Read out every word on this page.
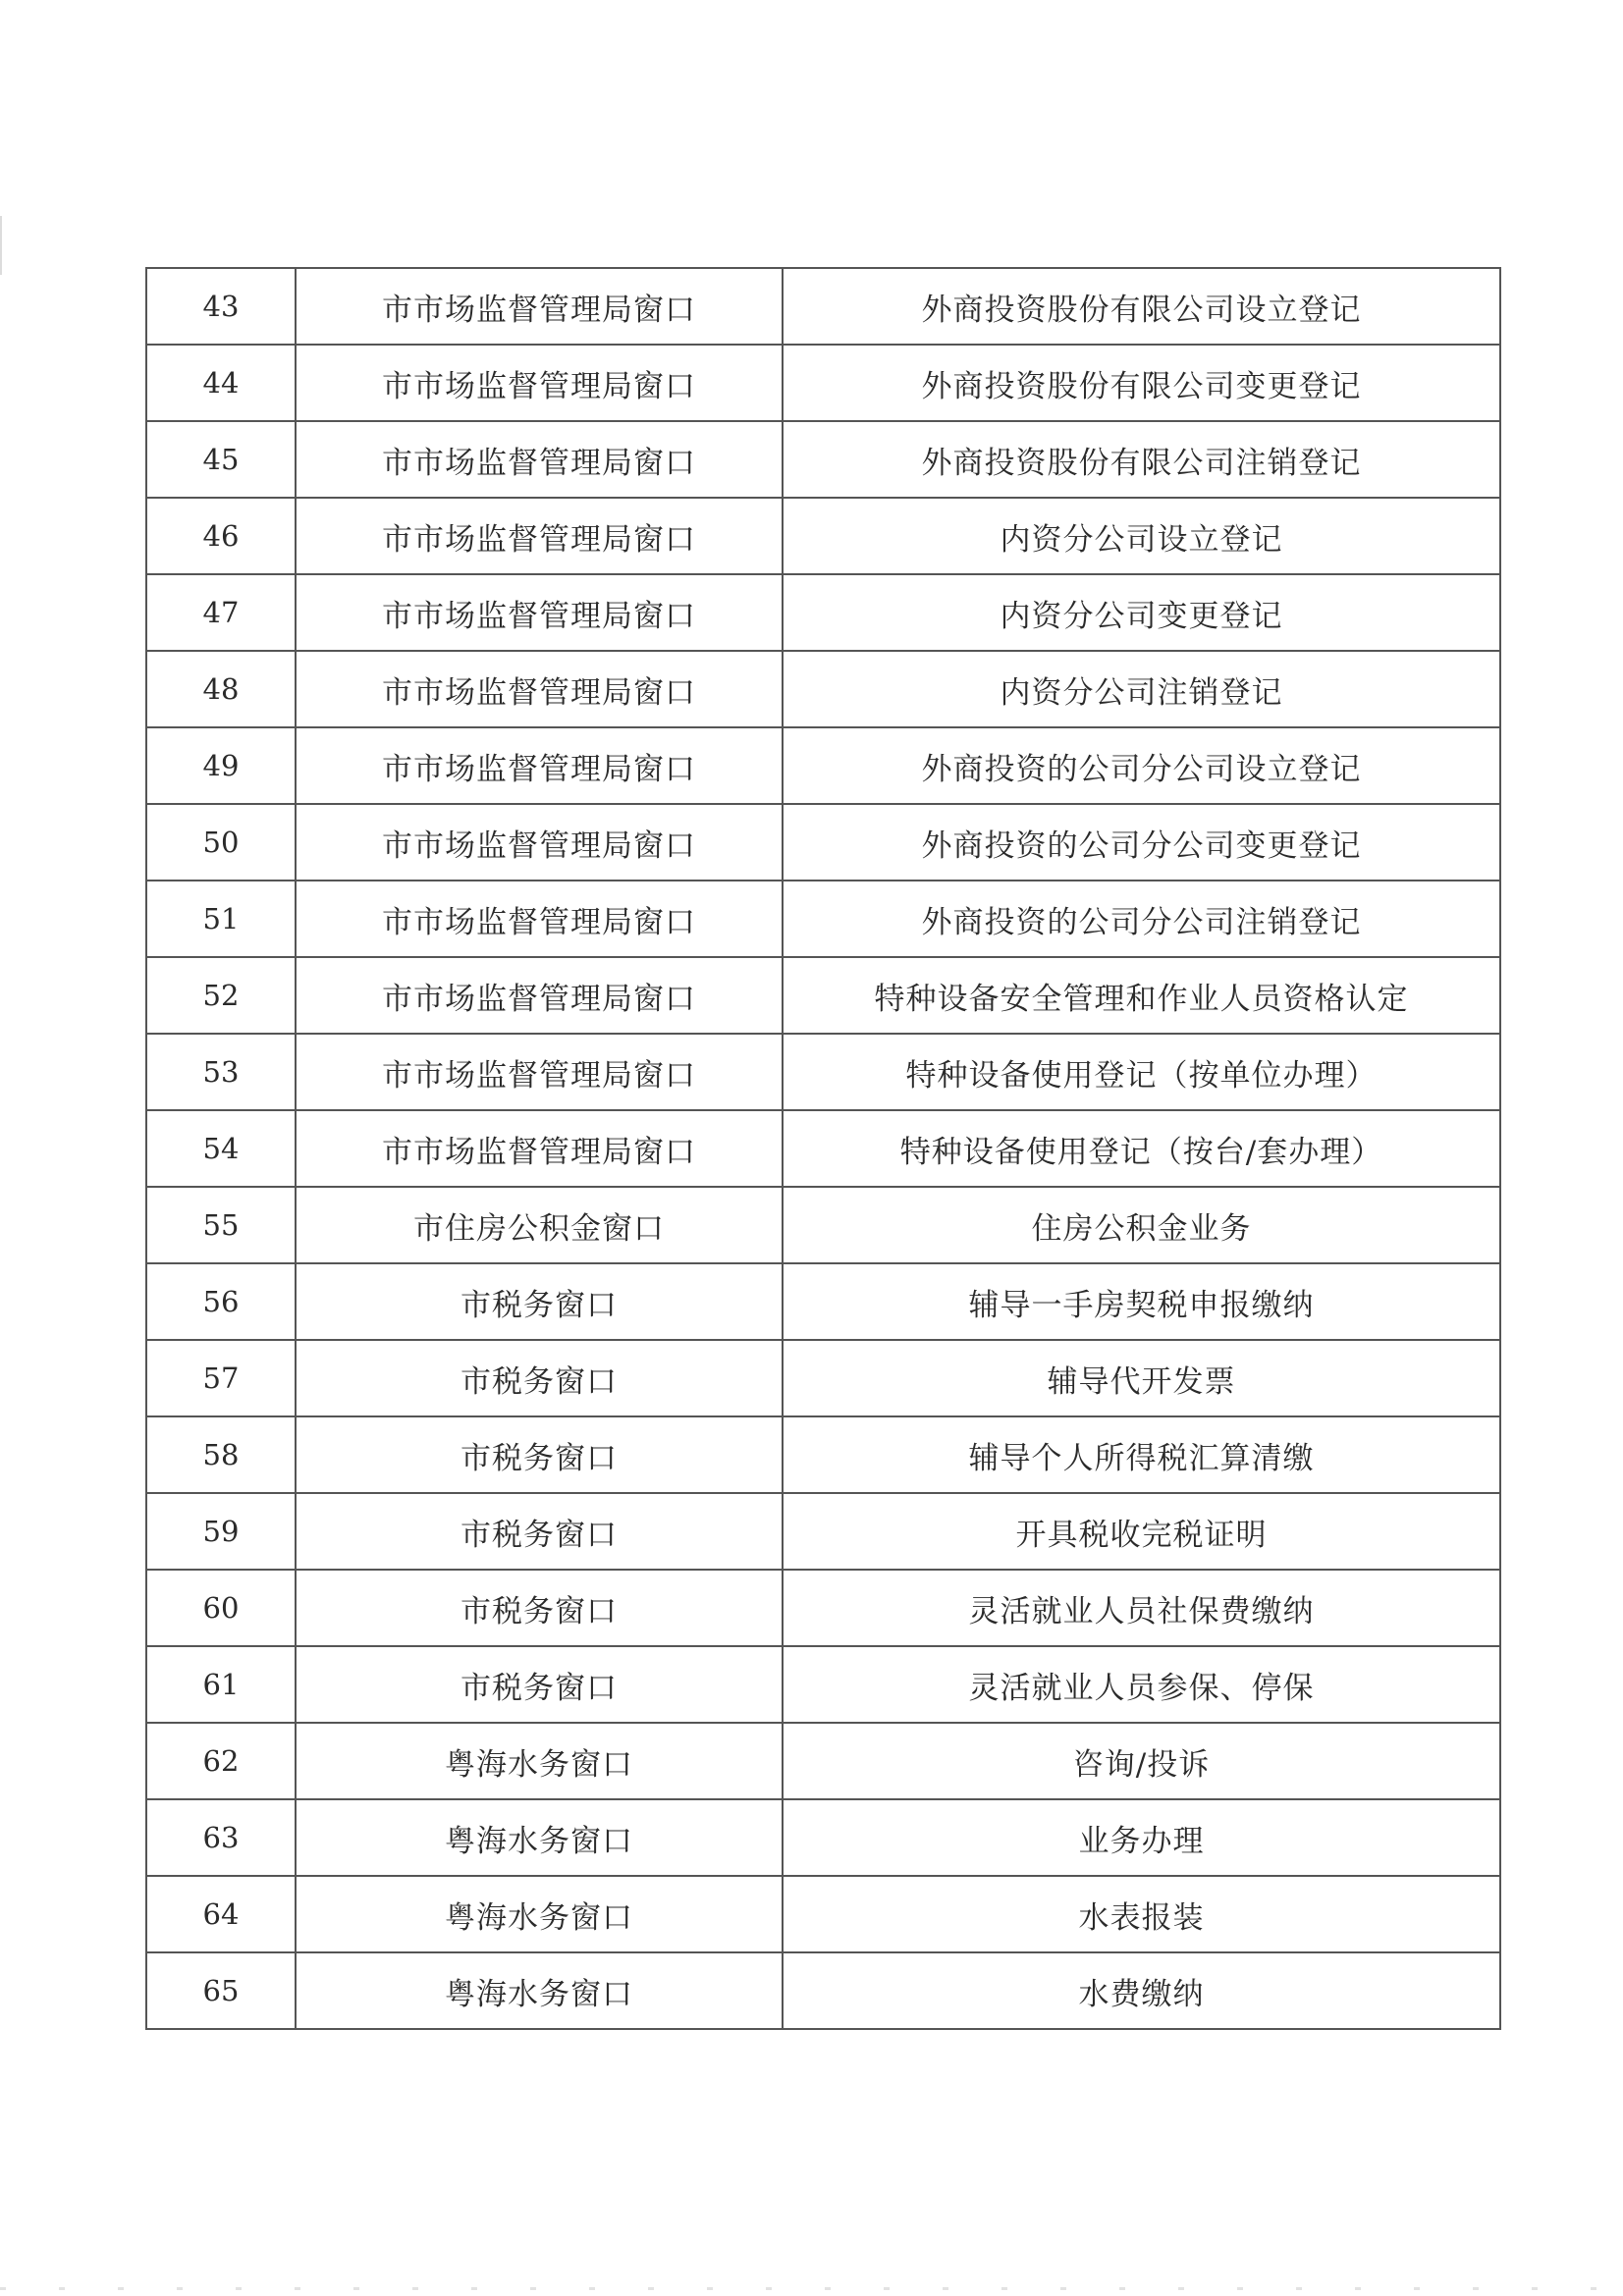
43	市市场监督管理局窗口	外商投资股份有限公司设立登记
44	市市场监督管理局窗口	外商投资股份有限公司变更登记
45	市市场监督管理局窗口	外商投资股份有限公司注销登记
46	市市场监督管理局窗口	内资分公司设立登记
47	市市场监督管理局窗口	内资分公司变更登记
48	市市场监督管理局窗口	内资分公司注销登记
49	市市场监督管理局窗口	外商投资的公司分公司设立登记
50	市市场监督管理局窗口	外商投资的公司分公司变更登记
51	市市场监督管理局窗口	外商投资的公司分公司注销登记
52	市市场监督管理局窗口	特种设备安全管理和作业人员资格认定
53	市市场监督管理局窗口	特种设备使用登记（按单位办理）
54	市市场监督管理局窗口	特种设备使用登记（按台/套办理）
55	市住房公积金窗口	住房公积金业务
56	市税务窗口	辅导一手房契税申报缴纳
57	市税务窗口	辅导代开发票
58	市税务窗口	辅导个人所得税汇算清缴
59	市税务窗口	开具税收完税证明
60	市税务窗口	灵活就业人员社保费缴纳
61	市税务窗口	灵活就业人员参保、停保
62	粤海水务窗口	咨询/投诉
63	粤海水务窗口	业务办理
64	粤海水务窗口	水表报装
65	粤海水务窗口	水费缴纳
